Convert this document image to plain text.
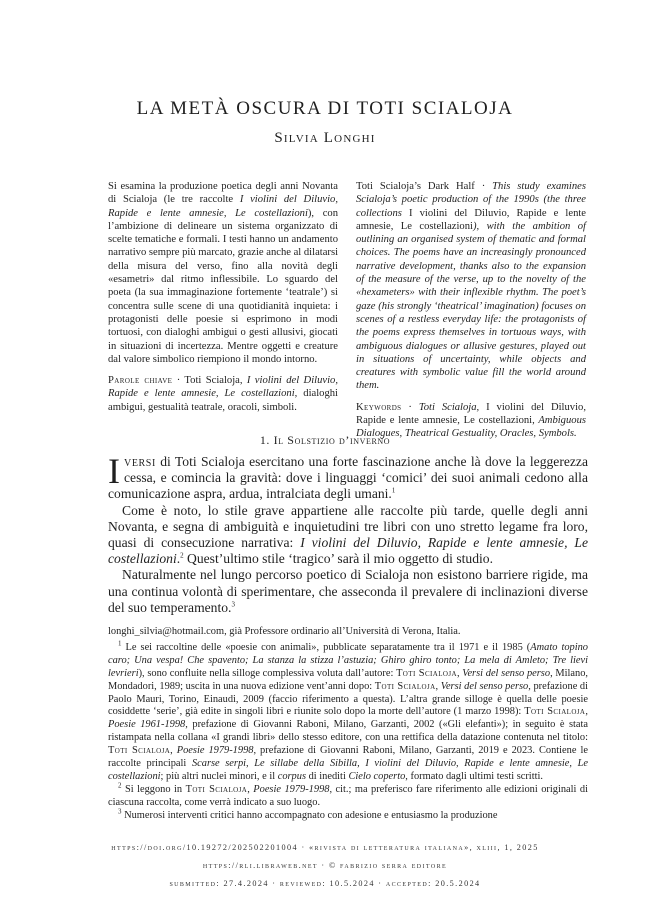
LA METÀ OSCURA DI TOTI SCIALOJA
Silvia Longhi
Si esamina la produzione poetica degli anni Novanta di Scialoja (le tre raccolte I violini del Diluvio, Rapide e lente amnesie, Le costellazioni), con l’ambizione di delineare un sistema organizzato di scelte tematiche e formali. I testi hanno un andamento narrativo sempre più marcato, grazie anche al dilatarsi della misura del verso, fino alla novità degli «esametri» dal ritmo inflessibile. Lo sguardo del poeta (la sua immaginazione fortemente ‘teatrale’) si concentra sulle scene di una quotidianità inquieta: i protagonisti delle poesie si esprimono in modi tortuosi, con dialoghi ambigui o gesti allusivi, giocati in situazioni di incertezza. Mentre oggetti e creature dal valore simbolico riempiono il mondo intorno.
Parole chiave · Toti Scialoja, I violini del Diluvio, Rapide e lente amnesie, Le costellazioni, dialoghi ambigui, gestualità teatrale, oracoli, simboli.
Toti Scialoja’s Dark Half · This study examines Scialoja’s poetic production of the 1990s (the three collections I violini del Diluvio, Rapide e lente amnesie, Le costellazioni), with the ambition of outlining an organised system of thematic and formal choices. The poems have an increasingly pronounced narrative development, thanks also to the expansion of the measure of the verse, up to the novelty of the «hexameters» with their inflexible rhythm. The poet’s gaze (his strongly ‘theatrical’ imagination) focuses on scenes of a restless everyday life: the protagonists of the poems express themselves in tortuous ways, with ambiguous dialogues or allusive gestures, played out in situations of uncertainty, while objects and creatures with symbolic value fill the world around them.
Keywords · Toti Scialoja, I violini del Diluvio, Rapide e lente amnesie, Le costellazioni, Ambiguous Dialogues, Theatrical Gestuality, Oracles, Symbols.
1. Il Solstizio d’inverno

Iversi di Toti Scialoja esercitano una forte fascinazione anche là dove la leggerezza cessa, e comincia la gravità: dove i linguaggi ‘comici’ dei suoi animali cedono alla comunicazione aspra, ardua, intralciata degli umani.$^1$

Come è noto, lo stile grave appartiene alle raccolte più tarde, quelle degli anni Novanta, e segna di ambiguità e inquietudini tre libri con uno stretto legame fra loro, quasi di consecuzione narrativa: I violini del Diluvio, Rapide e lente amnesie, Le costellazioni.$^2$ Quest’ultimo stile ‘tragico’ sarà il mio oggetto di studio.

Naturalmente nel lungo percorso poetico di Scialoja non esistono barriere rigide, ma una continua volontà di sperimentare, che asseconda il prevalere di inclinazioni diverse del suo temperamento.$^3$

longhi_silvia@hotmail.com, già Professore ordinario all’Università di Verona, Italia.

$^1$ Le sei raccoltine delle «poesie con animali», pubblicate separatamente tra il 1971 e il 1985 (Amato topino caro; Una vespa! Che spavento; La stanza la stizza l’astuzia; Ghiro ghiro tonto; La mela di Amleto; Tre lievi levrieri), sono confluite nella silloge complessiva voluta dall’autore: Toti Scialoja, Versi del senso perso, Milano, Mondadori, 1989; uscita in una nuova edizione vent’anni dopo: Toti Scialoja, Versi del senso perso, prefazione di Paolo Mauri, Torino, Einaudi, 2009 (faccio riferimento a questa). L’altra grande silloge è quella delle poesie cosiddette ‘serie’, già edite in singoli libri e riunite solo dopo la morte dell’autore (1 marzo 1998): Toti Scialoja, Poesie 1961-1998, prefazione di Giovanni Raboni, Milano, Garzanti, 2002 («Gli elefanti»); in seguito è stata ristampata nella collana «I grandi libri» dello stesso editore, con una rettifica della datazione contenuta nel titolo: Toti Scialoja, Poesie 1979-1998, prefazione di Giovanni Raboni, Milano, Garzanti, 2019 e 2023. Contiene le raccolte principali Scarse serpi, Le sillabe della Sibilla, I violini del Diluvio, Rapide e lente amnesie, Le costellazioni; più altri nuclei minori, e il corpus di inediti Cielo coperto, formato dagli ultimi testi scritti.

$^2$ Si leggono in Toti Scialoja, Poesie 1979-1998, cit.; ma preferisco fare riferimento alle edizioni originali di ciascuna raccolta, come verrà indicato a suo luogo.

$^3$ Numerosi interventi critici hanno accompagnato con adesione e entusiasmo la produzione

https://doi.org/10.19272/202502201004 · «rivista di letteratura italiana», xliii, 1, 2025
https://rli.libraweb.net · © fabrizio serra editore
submitted: 27.4.2024 · reviewed: 10.5.2024 · accepted: 20.5.2024
